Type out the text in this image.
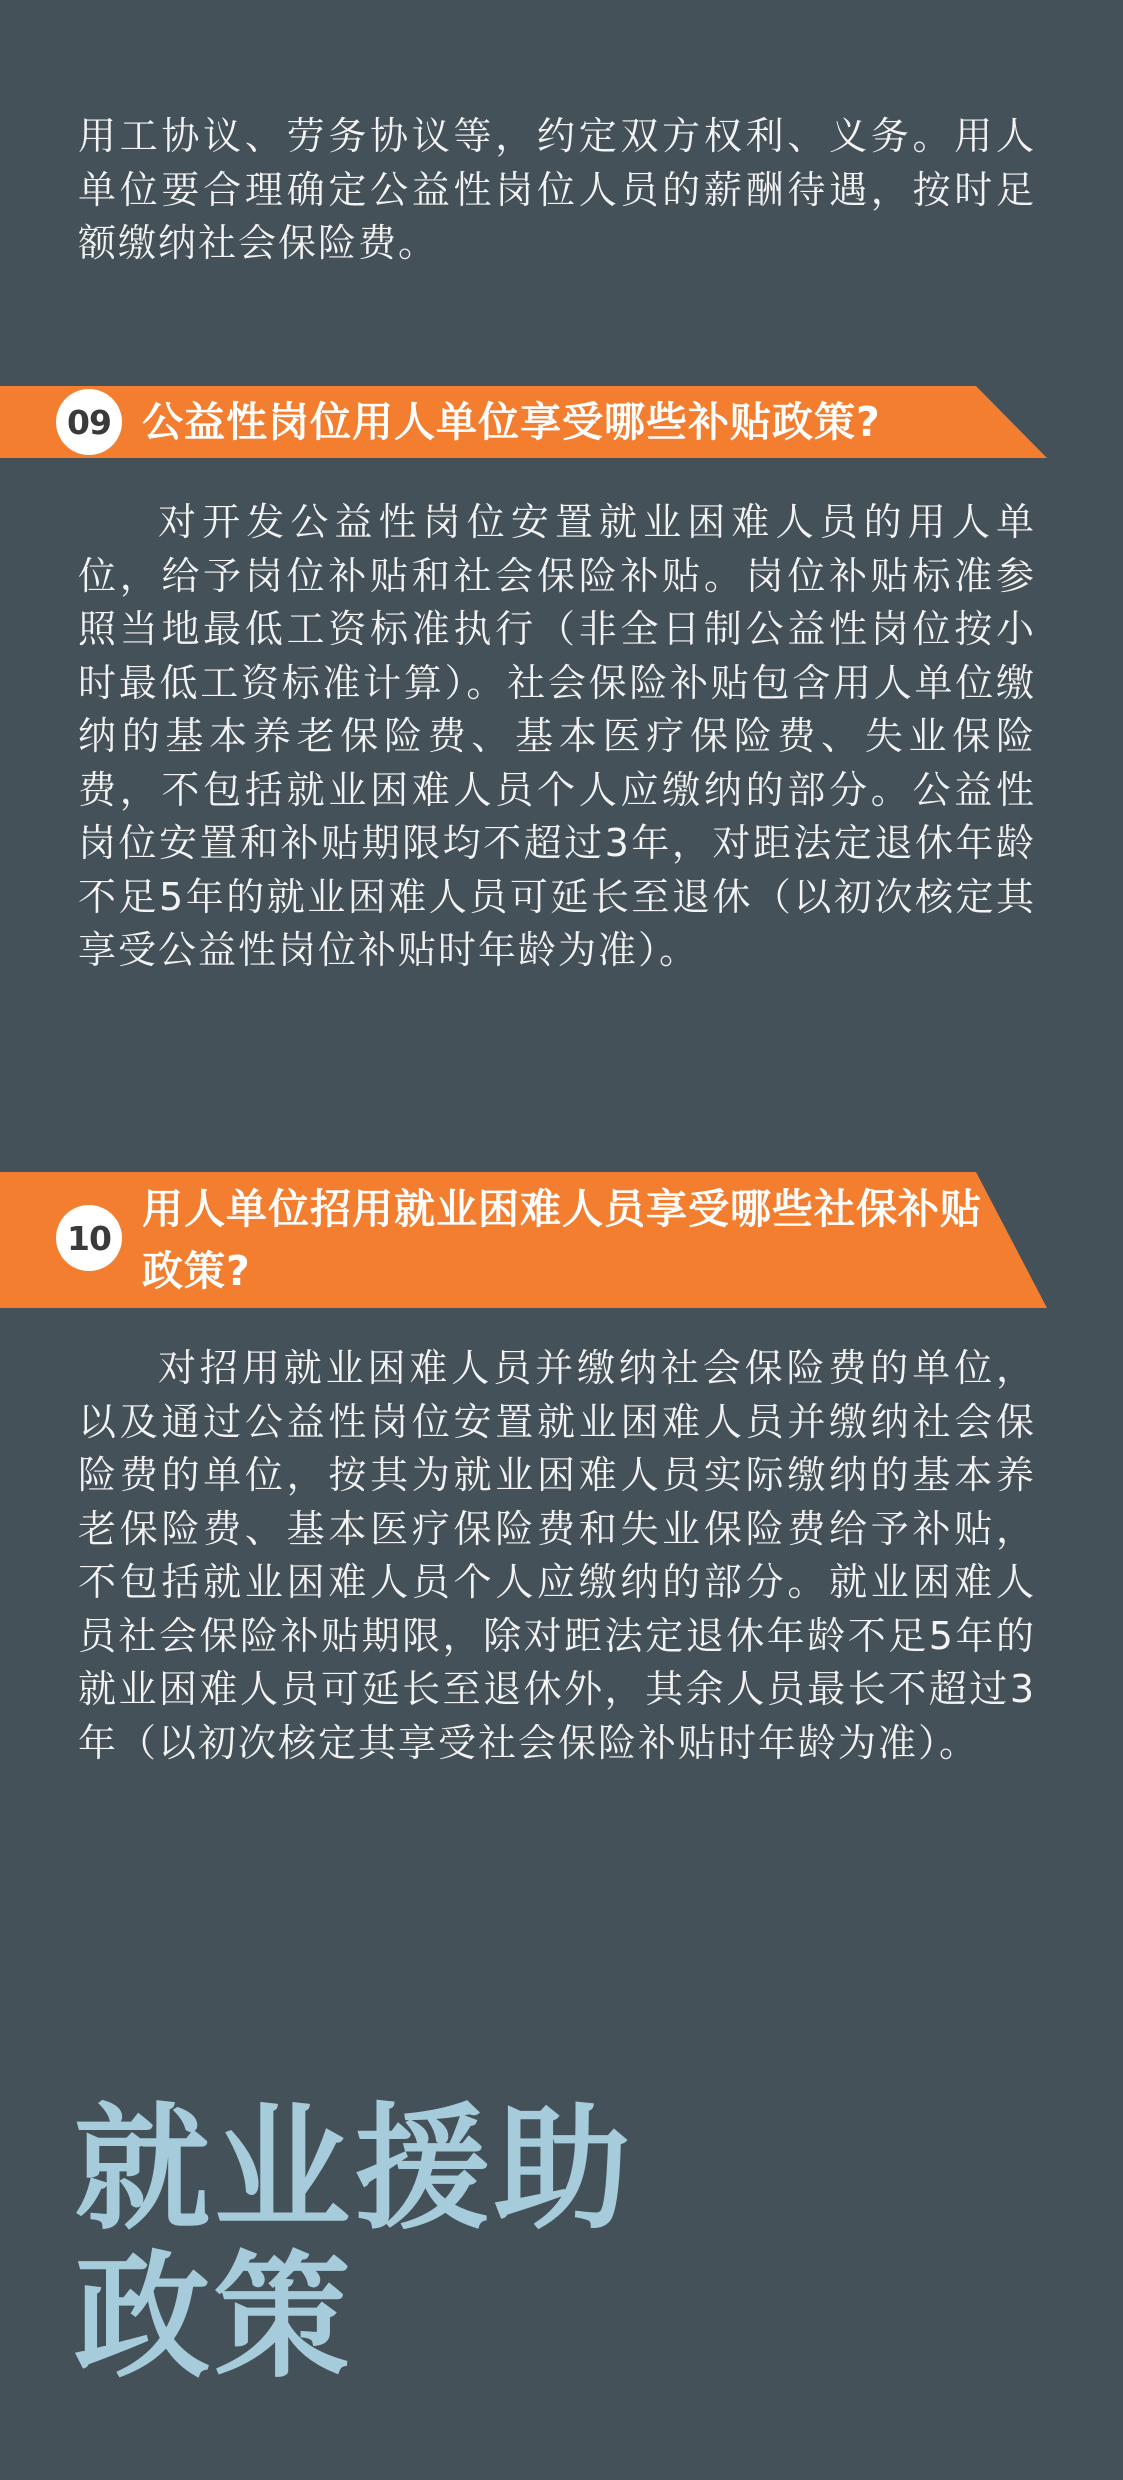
用工协议、劳务协议等，约定双方权利、义务。用人单位要合理确定公益性岗位人员的薪酬待遇，按时足额缴纳社会保险费。

09 公益性岗位用人单位享受哪些补贴政策?

对开发公益性岗位安置就业困难人员的用人单位，给予岗位补贴和社会保险补贴。岗位补贴标准参照当地最低工资标准执行（非全日制公益性岗位按小时最低工资标准计算）。社会保险补贴包含用人单位缴纳的基本养老保险费、基本医疗保险费、失业保险费，不包括就业困难人员个人应缴纳的部分。公益性岗位安置和补贴期限均不超过3年，对距法定退休年龄不足5年的就业困难人员可延长至退休（以初次核定其享受公益性岗位补贴时年龄为准）。

10
用人单位招用就业困难人员享受哪些社保补贴政策?

对招用就业困难人员并缴纳社会保险费的单位，以及通过公益性岗位安置就业困难人员并缴纳社会保险费的单位，按其为就业困难人员实际缴纳的基本养老保险费、基本医疗保险费和失业保险费给予补贴，不包括就业困难人员个人应缴纳的部分。就业困难人员社会保险补贴期限，除对距法定退休年龄不足5年的就业困难人员可延长至退休外，其余人员最长不超过3年（以初次核定其享受社会保险补贴时年龄为准）。

就业援助
政策
